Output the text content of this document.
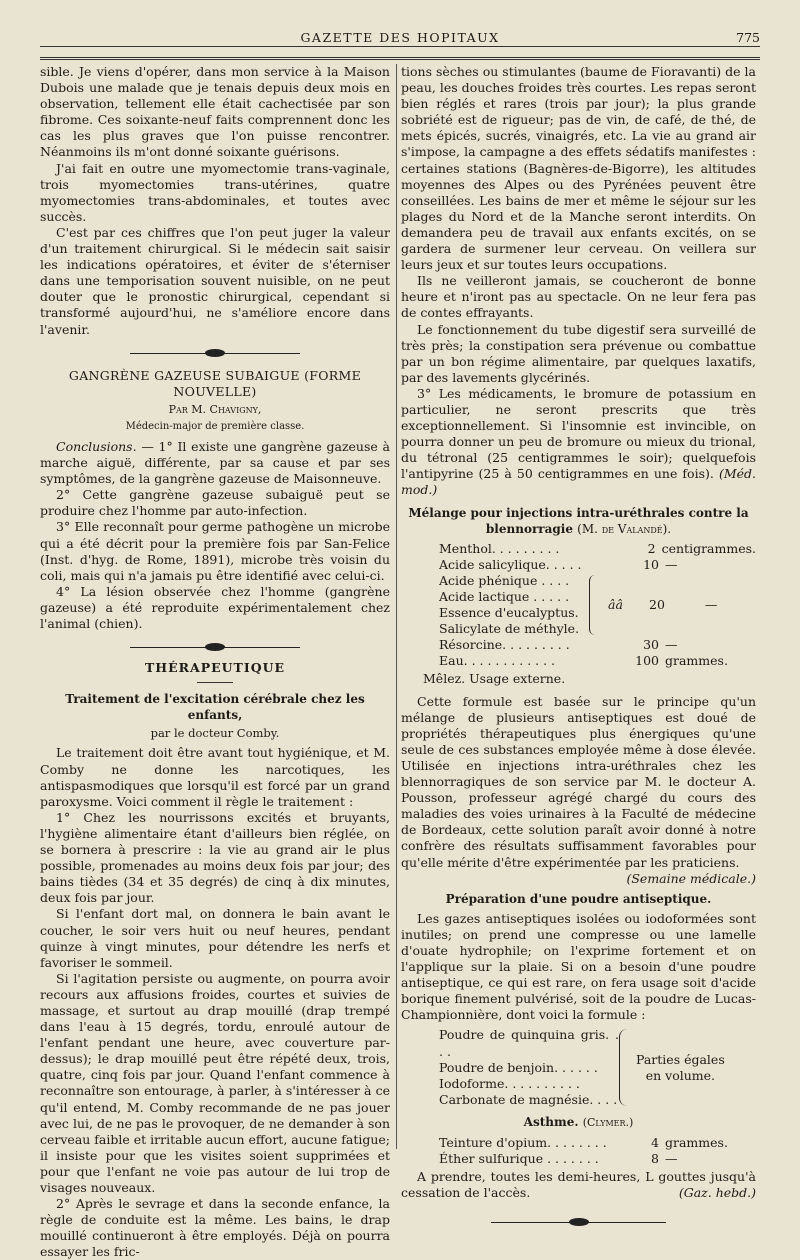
GAZETTE DES HOPITAUX	775

sible. Je viens d'opérer, dans mon service à la Maison Dubois une malade que je tenais depuis deux mois en observation, tellement elle était cachectisée par son fibrome. Ces soixante-neuf faits comprennent donc les cas les plus graves que l'on puisse rencontrer. Néanmoins ils m'ont donné soixante guérisons.

J'ai fait en outre une myomectomie trans-vaginale, trois myomectomies trans-utérines, quatre myomectomies trans-abdominales, et toutes avec succès.

C'est par ces chiffres que l'on peut juger la valeur d'un traitement chirurgical. Si le médecin sait saisir les indications opératoires, et éviter de s'éterniser dans une temporisation souvent nuisible, on ne peut douter que le pronostic chirurgical, cependant si transformé aujourd'hui, ne s'améliore encore dans l'avenir.

GANGRÈNE GAZEUSE SUBAIGUE (FORME NOUVELLE)
Par M. Chavigny,
Médecin-major de première classe.

Conclusions. — 1° Il existe une gangrène gazeuse à marche aiguë, différente, par sa cause et par ses symptômes, de la gangrène gazeuse de Maisonneuve.

2° Cette gangrène gazeuse subaiguë peut se produire chez l'homme par auto-infection.

3° Elle reconnaît pour germe pathogène un microbe qui a été décrit pour la première fois par San-Felice (Inst. d'hyg. de Rome, 1891), microbe très voisin du coli, mais qui n'a jamais pu être identifié avec celui-ci.

4° La lésion observée chez l'homme (gangrène gazeuse) a été reproduite expérimentalement chez l'animal (chien).

THÉRAPEUTIQUE
Traitement de l'excitation cérébrale chez les enfants,
par le docteur Comby.

Le traitement doit être avant tout hygiénique, et M. Comby ne donne les narcotiques, les antispasmodiques que lorsqu'il est forcé par un grand paroxysme. Voici comment il règle le traitement :

1° Chez les nourrissons excités et bruyants, l'hygiène alimentaire étant d'ailleurs bien réglée, on se bornera à prescrire : la vie au grand air le plus possible, promenades au moins deux fois par jour; des bains tièdes (34 et 35 degrés) de cinq à dix minutes, deux fois par jour.

Si l'enfant dort mal, on donnera le bain avant le coucher, le soir vers huit ou neuf heures, pendant quinze à vingt minutes, pour détendre les nerfs et favoriser le sommeil.

Si l'agitation persiste ou augmente, on pourra avoir recours aux affusions froides, courtes et suivies de massage, et surtout au drap mouillé (drap trempé dans l'eau à 15 degrés, tordu, enroulé autour de l'enfant pendant une heure, avec couverture par-dessus); le drap mouillé peut être répété deux, trois, quatre, cinq fois par jour. Quand l'enfant commence à reconnaître son entourage, à parler, à s'intéresser à ce qu'il entend, M. Comby recommande de ne pas jouer avec lui, de ne pas le provoquer, de ne demander à son cerveau faible et irritable aucun effort, aucune fatigue; il insiste pour que les visites soient supprimées et pour que l'enfant ne voie pas autour de lui trop de visages nouveaux.

2° Après le sevrage et dans la seconde enfance, la règle de conduite est la même. Les bains, le drap mouillé continueront à être employés. Déjà on pourra essayer les fric-

tions sèches ou stimulantes (baume de Fioravanti) de la peau, les douches froides très courtes. Les repas seront bien réglés et rares (trois par jour); la plus grande sobriété est de rigueur; pas de vin, de café, de thé, de mets épicés, sucrés, vinaigrés, etc. La vie au grand air s'impose, la campagne a des effets sédatifs manifestes : certaines stations (Bagnères-de-Bigorre), les altitudes moyennes des Alpes ou des Pyrénées peuvent être conseillées. Les bains de mer et même le séjour sur les plages du Nord et de la Manche seront interdits. On demandera peu de travail aux enfants excités, on se gardera de surmener leur cerveau. On veillera sur leurs jeux et sur toutes leurs occupations.

Ils ne veilleront jamais, se coucheront de bonne heure et n'iront pas au spectacle. On ne leur fera pas de contes effrayants.

Le fonctionnement du tube digestif sera surveillé de très près; la constipation sera prévenue ou combattue par un bon régime alimentaire, par quelques laxatifs, par des lavements glycérinés.

3° Les médicaments, le bromure de potassium en particulier, ne seront prescrits que très exceptionnellement. Si l'insomnie est invincible, on pourra donner un peu de bromure ou mieux du trional, du tétronal (25 centigrammes le soir); quelquefois l'antipyrine (25 à 50 centigrammes en une fois). (Méd. mod.)

Mélange pour injections intra-uréthrales contre la blennorragie (M. de Valandé).
Menthol. . . . . . . . .	2 centigrammes.
Acide salicylique. . . . .	10 —
Acide phénique . . . .
Acide lactique . . . . .
Essence d'eucalyptus.
Salicylate de méthyle.
ââ	20	—
Résorcine. . . . . . . . .	30 —
Eau. . . . . . . . . . . .	100 grammes.

Mêlez. Usage externe.

Cette formule est basée sur le principe qu'un mélange de plusieurs antiseptiques est doué de propriétés thérapeutiques plus énergiques qu'une seule de ces substances employée même à dose élevée. Utilisée en injections intra-uréthrales chez les blennorragiques de son service par M. le docteur A. Pousson, professeur agrégé chargé du cours des maladies des voies urinaires à la Faculté de médecine de Bordeaux, cette solution paraît avoir donné à notre confrère des résultats suffisamment favorables pour qu'elle mérite d'être expérimentée par les praticiens.

(Semaine médicale.)

Préparation d'une poudre antiseptique.

Les gazes antiseptiques isolées ou iodoformées sont inutiles; on prend une compresse ou une lamelle d'ouate hydrophile; on l'exprime fortement et on l'applique sur la plaie. Si on a besoin d'une poudre antiseptique, ce qui est rare, on fera usage soit d'acide borique finement pulvérisé, soit de la poudre de Lucas-Championnière, dont voici la formule :

Poudre de quinquina gris. . . .
Poudre de benjoin. . . . . .
Iodoforme. . . . . . . . . .
Carbonate de magnésie. . . .
Parties égales
en volume.
Asthme. (Clymer.)
Teinture d'opium. . . . . . . .	4 grammes.
Éther sulfurique . . . . . . .	8 —

A prendre, toutes les demi-heures, L gouttes jusqu'à cessation de l'accès.	(Gaz. hebd.)
